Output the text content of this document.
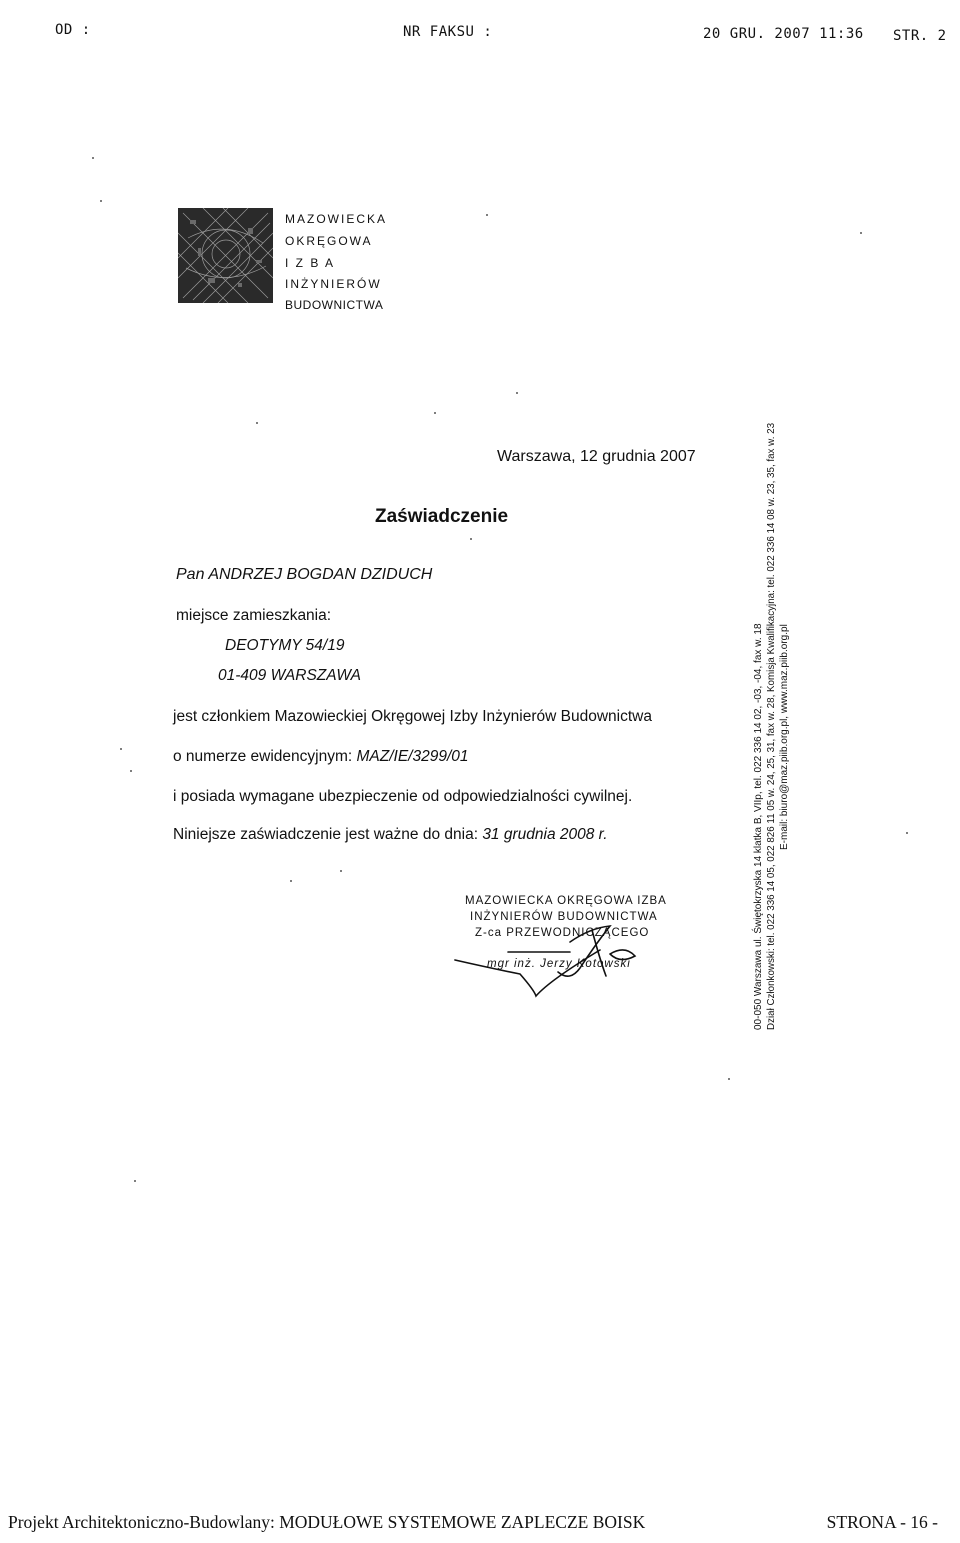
OD :	NR FAKSU :	20 GRU. 2007 11:36 STR. 2
MAZOWIECKA
OKRĘGOWA
I Z B A
INŻYNIERÓW
BUDOWNICTWA
Warszawa, 12 grudnia 2007
Zaświadczenie
Pan ANDRZEJ BOGDAN DZIDUCH
miejsce zamieszkania:
DEOTYMY 54/19
01-409 WARSZAWA
jest członkiem Mazowieckiej Okręgowej Izby Inżynierów Budownictwa
o numerze ewidencyjnym: MAZ/IE/3299/01
i posiada wymagane ubezpieczenie od odpowiedzialności cywilnej.
Niniejsze zaświadczenie jest ważne do dnia: 31 grudnia 2008 r.
MAZOWIECKA OKRĘGOWA IZBA
INŻYNIERÓW BUDOWNICTWA
Z-ca PRZEWODNICZĄCEGO
mgr inż. Jerzy Kotowski	00-050 Warszawa ul. Świętokrzyska 14 klatka B, VIIp, tel. 022 336 14 02, -03, -04, fax w. 18 Dział Członkowski: tel. 022 336 14 05, 022 826 11 05 w. 24, 25, 31, fax w. 28, Komisja Kwalifikacyjna: tel. 022 336 14 08 w. 23, 35, fax w. 23 E-mail: biuro@maz.piib.org.pl, www.maz.piib.org.pl
Projekt Architektoniczno-Budowlany: MODUŁOWE SYSTEMOWE ZAPLECZE BOISK	STRONA - 16 -
